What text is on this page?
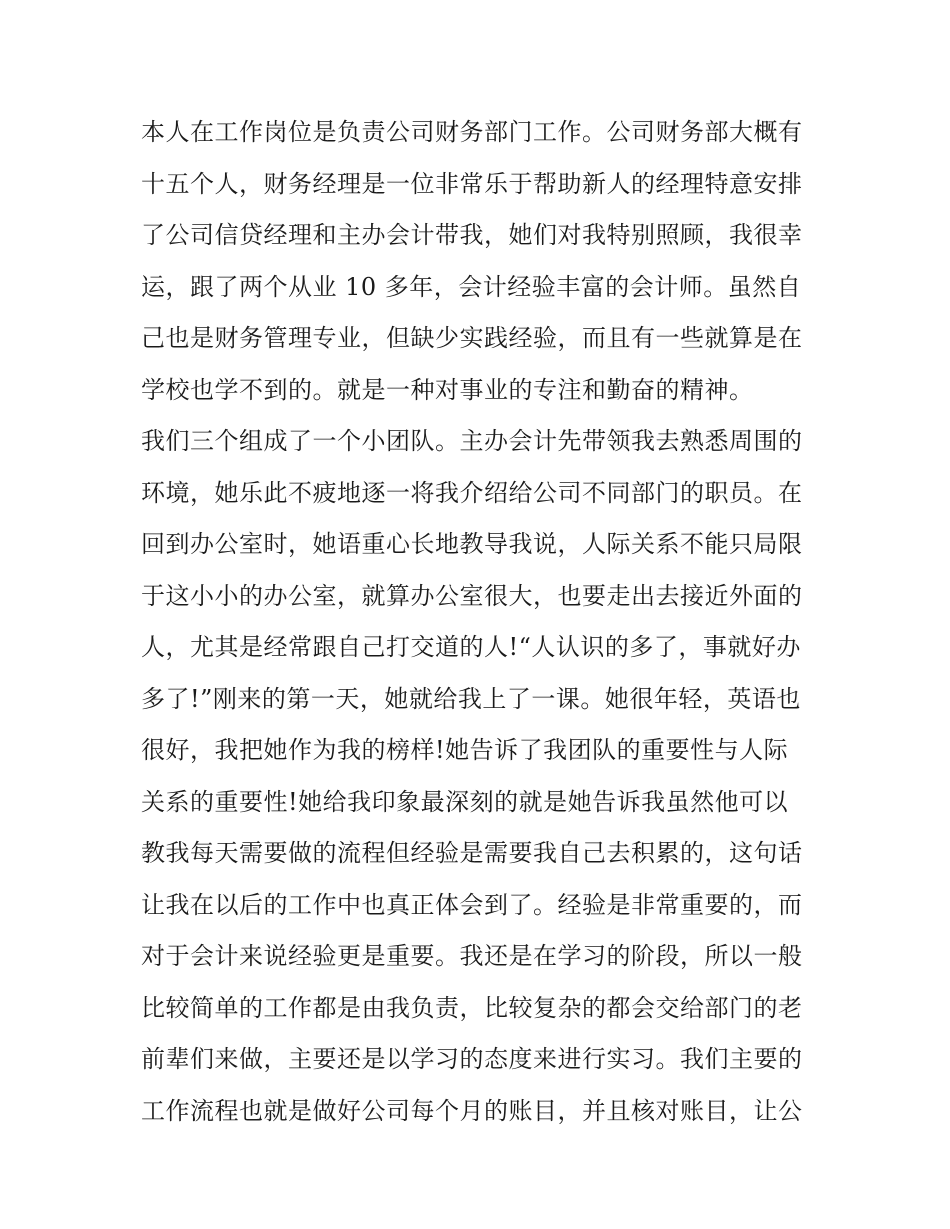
本人在工作岗位是负责公司财务部门工作。公司财务部大概有
十五个人，财务经理是一位非常乐于帮助新人的经理特意安排
了公司信贷经理和主办会计带我，她们对我特别照顾，我很幸
运，跟了两个从业 10 多年，会计经验丰富的会计师。虽然自
己也是财务管理专业，但缺少实践经验，而且有一些就算是在
学校也学不到的。就是一种对事业的专注和勤奋的精神。
我们三个组成了一个小团队。主办会计先带领我去熟悉周围的
环境，她乐此不疲地逐一将我介绍给公司不同部门的职员。在
回到办公室时，她语重心长地教导我说，人际关系不能只局限
于这小小的办公室，就算办公室很大，也要走出去接近外面的
人，尤其是经常跟自己打交道的人!“人认识的多了，事就好办
多了!”刚来的第一天，她就给我上了一课。她很年轻，英语也
很好，我把她作为我的榜样!她告诉了我团队的重要性与人际
关系的重要性!她给我印象最深刻的就是她告诉我虽然他可以
教我每天需要做的流程但经验是需要我自己去积累的，这句话
让我在以后的工作中也真正体会到了。经验是非常重要的，而
对于会计来说经验更是重要。我还是在学习的阶段，所以一般
比较简单的工作都是由我负责，比较复杂的都会交给部门的老
前辈们来做，主要还是以学习的态度来进行实习。我们主要的
工作流程也就是做好公司每个月的账目，并且核对账目，让公
